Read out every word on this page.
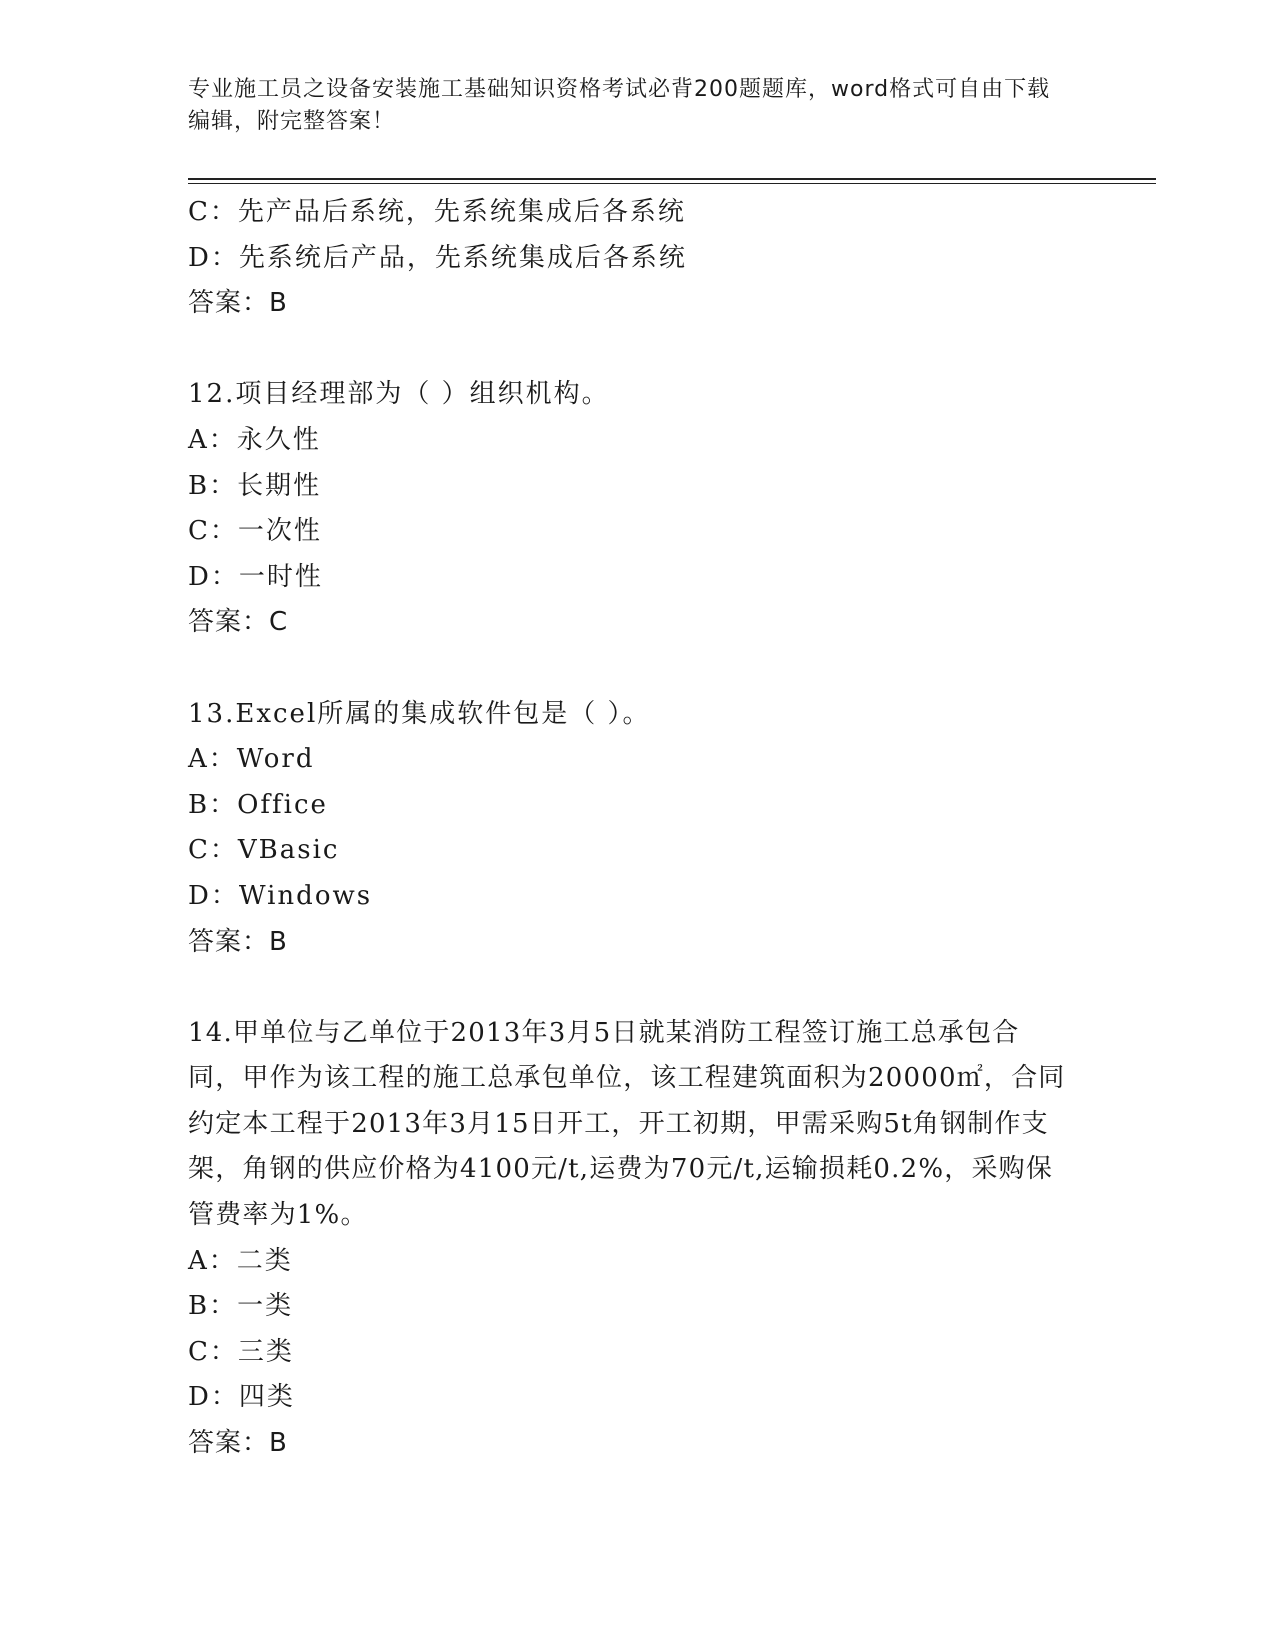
专业施工员之设备安装施工基础知识资格考试必背200题题库，word格式可自由下载编辑，附完整答案！
C：先产品后系统，先系统集成后各系统
D：先系统后产品，先系统集成后各系统
答案：B
12.项目经理部为（ ）组织机构。
A：永久性
B：长期性
C：一次性
D：一时性
答案：C
13.Excel所属的集成软件包是（ ）。
A：Word
B：Office
C：VBasic
D：Windows
答案：B
14.甲单位与乙单位于2013年3月5日就某消防工程签订施工总承包合同，甲作为该工程的施工总承包单位，该工程建筑面积为20000㎡，合同约定本工程于2013年3月15日开工，开工初期，甲需采购5t角钢制作支架，角钢的供应价格为4100元/t,运费为70元/t,运输损耗0.2%，采购保管费率为1%。
A：二类
B：一类
C：三类
D：四类
答案：B
